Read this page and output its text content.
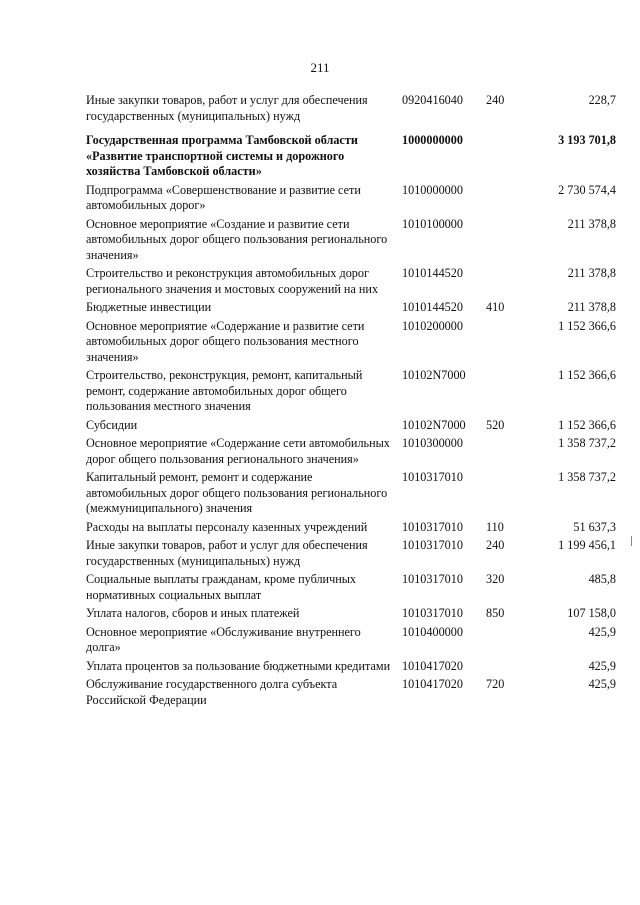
211
Иные закупки товаров, работ и услуг для обеспечения государственных (муниципальных) нужд	0920416040	240	228,7
Государственная программа Тамбовской области «Развитие транспортной системы и дорожного хозяйства Тамбовской области»	1000000000		3 193 701,8
Подпрограмма «Совершенствование и развитие сети автомобильных дорог»	1010000000		2 730 574,4
Основное мероприятие «Создание и развитие сети автомобильных дорог общего пользования регионального значения»	1010100000		211 378,8
Строительство и реконструкция автомобильных дорог регионального значения и мостовых сооружений на них	1010144520		211 378,8
Бюджетные инвестиции	1010144520	410	211 378,8
Основное мероприятие «Содержание и развитие сети автомобильных дорог общего пользования местного значения»	1010200000		1 152 366,6
Строительство, реконструкция, ремонт, капитальный ремонт, содержание автомобильных дорог общего пользования местного значения	10102N7000		1 152 366,6
Субсидии	10102N7000	520	1 152 366,6
Основное мероприятие «Содержание сети автомобильных дорог общего пользования регионального значения»	1010300000		1 358 737,2
Капитальный ремонт, ремонт и содержание автомобильных дорог общего пользования регионального (межмуниципального) значения	1010317010		1 358 737,2
Расходы на выплаты персоналу казенных учреждений	1010317010	110	51 637,3
Иные закупки товаров, работ и услуг для обеспечения государственных (муниципальных) нужд	1010317010	240	1 199 456,1
Социальные выплаты гражданам, кроме публичных нормативных социальных выплат	1010317010	320	485,8
Уплата налогов, сборов и иных платежей	1010317010	850	107 158,0
Основное мероприятие «Обслуживание внутреннего долга»	1010400000		425,9
Уплата процентов за пользование бюджетными кредитами	1010417020		425,9
Обслуживание государственного долга субъекта Российской Федерации	1010417020	720	425,9
